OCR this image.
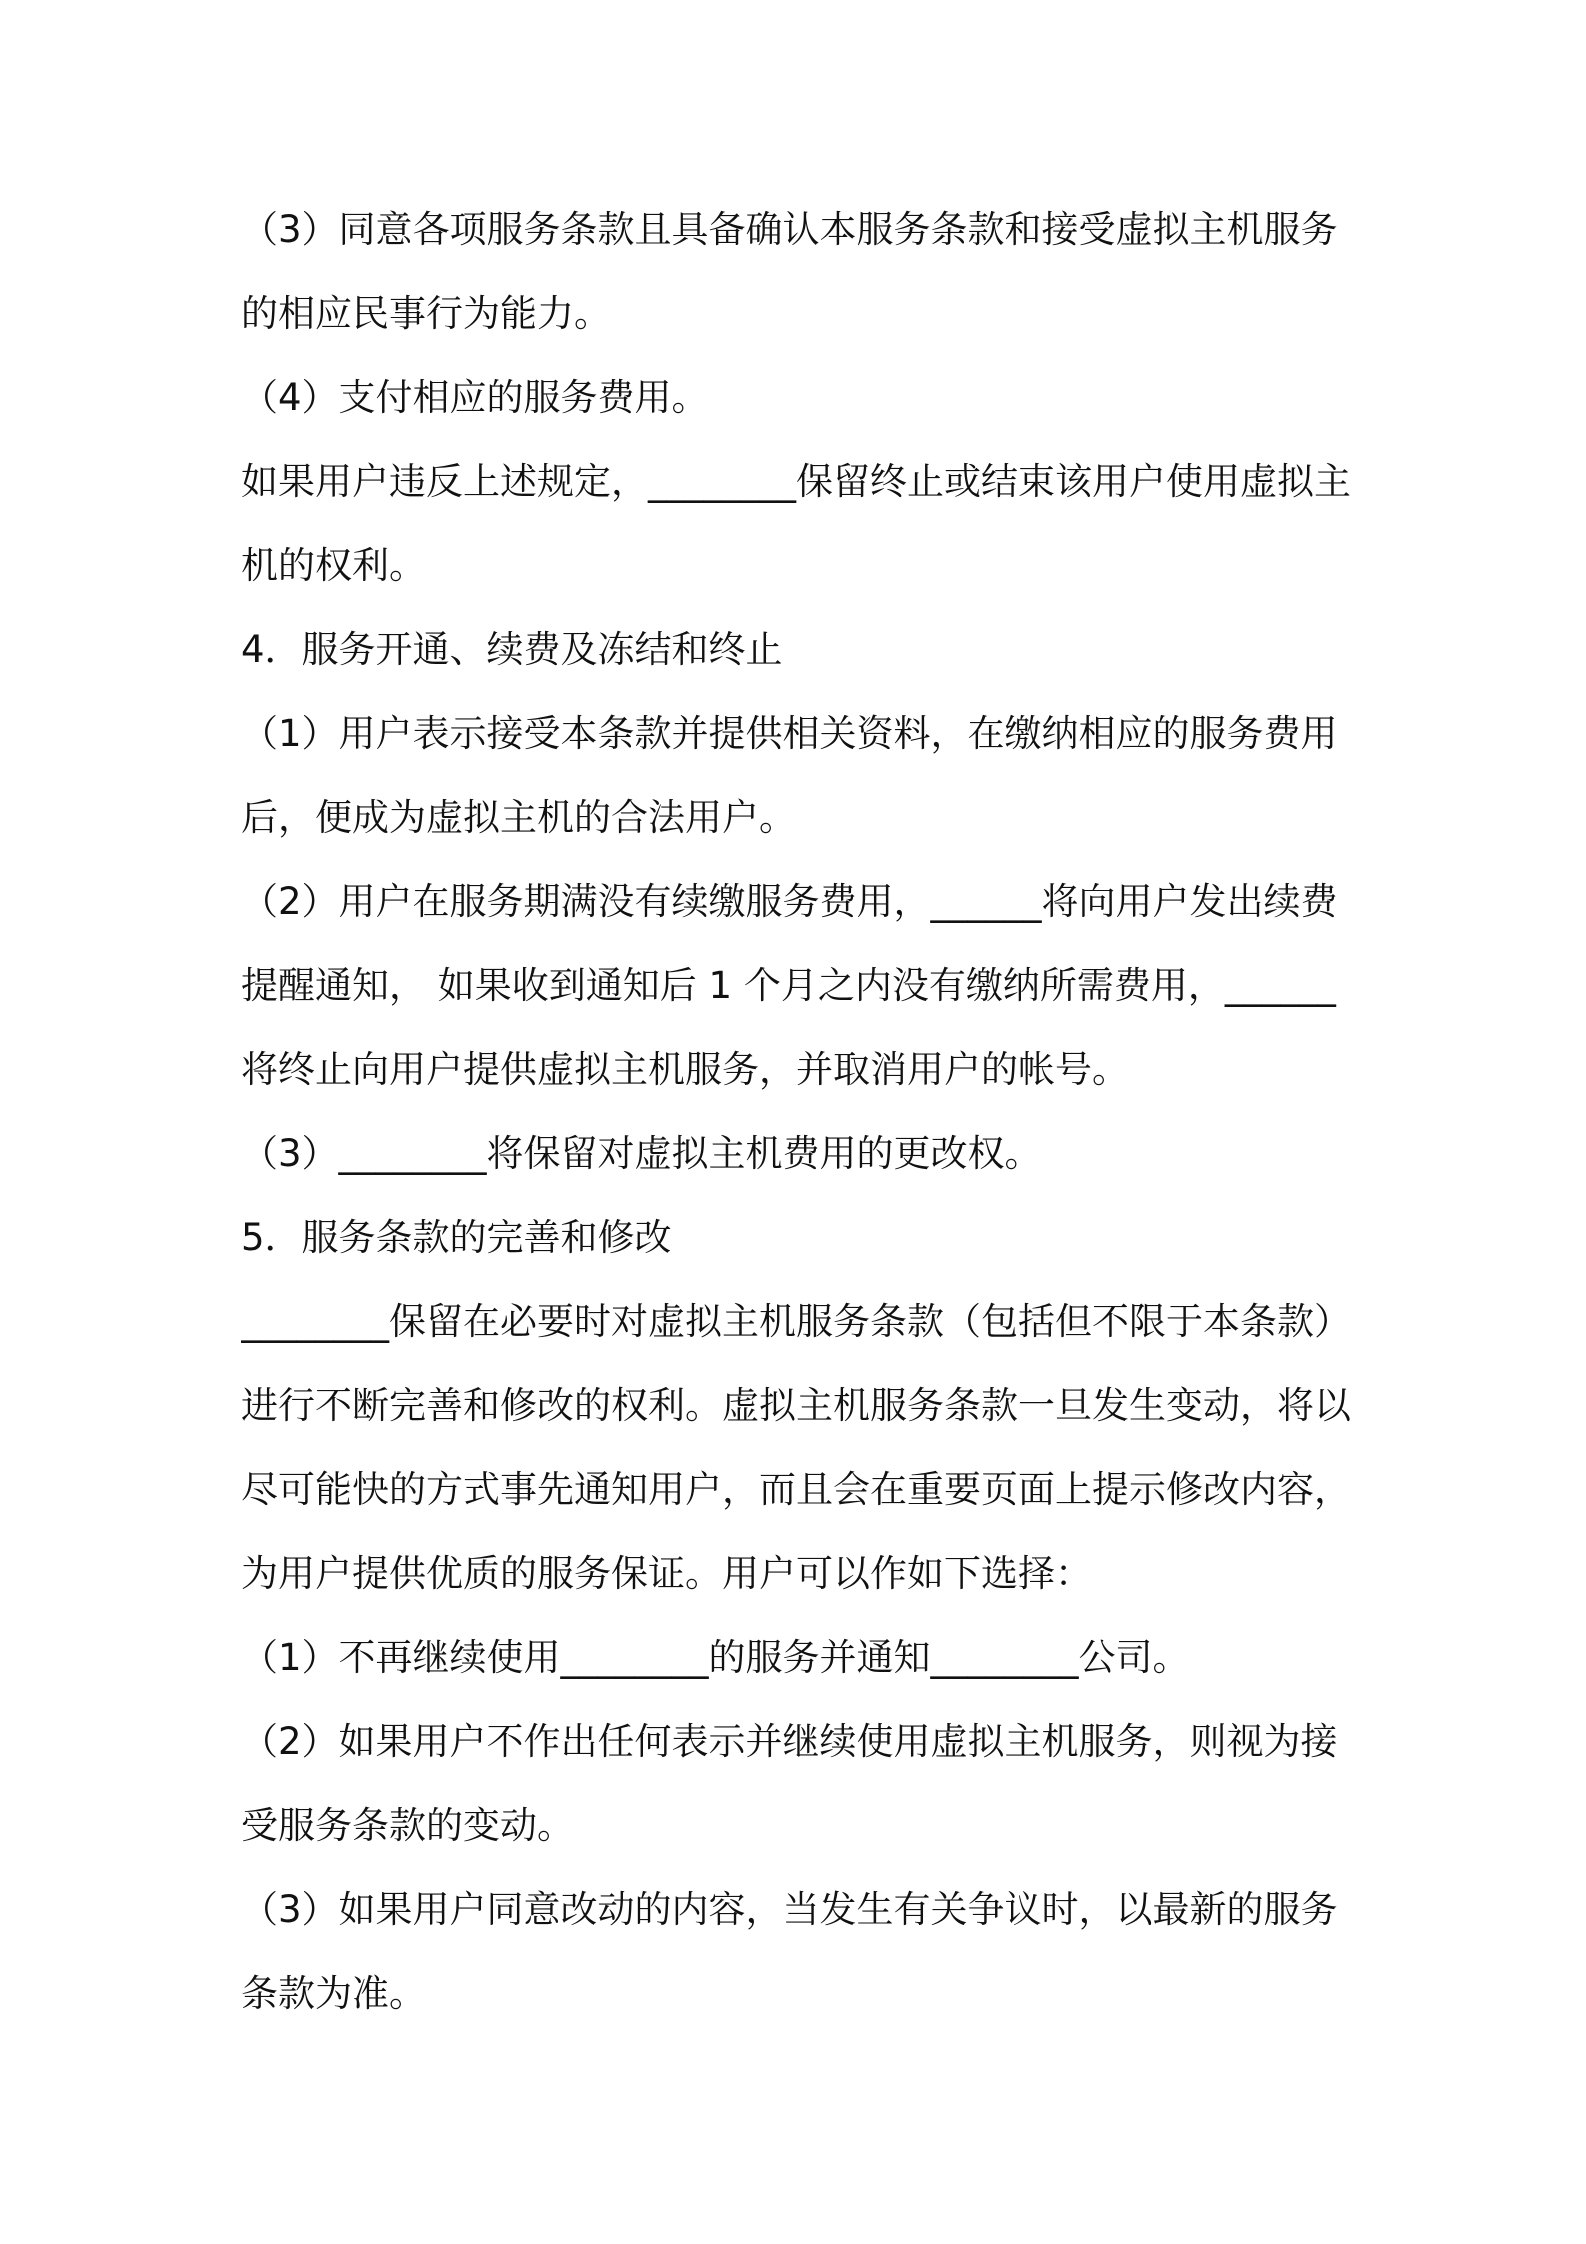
（3）同意各项服务条款且具备确认本服务条款和接受虚拟主机服务
的相应民事行为能力。
（4）支付相应的服务费用。
如果用户违反上述规定，________保留终止或结束该用户使用虚拟主
机的权利。
4．服务开通、续费及冻结和终止
（1）用户表示接受本条款并提供相关资料，在缴纳相应的服务费用
后，便成为虚拟主机的合法用户。
（2）用户在服务期满没有续缴服务费用，______将向用户发出续费
提醒通知， 如果收到通知后 1 个月之内没有缴纳所需费用，______
将终止向用户提供虚拟主机服务，并取消用户的帐号。
（3）________将保留对虚拟主机费用的更改权。
5．服务条款的完善和修改
________保留在必要时对虚拟主机服务条款（包括但不限于本条款）
进行不断完善和修改的权利。虚拟主机服务条款一旦发生变动，将以
尽可能快的方式事先通知用户，而且会在重要页面上提示修改内容，
为用户提供优质的服务保证。用户可以作如下选择：
（1）不再继续使用________的服务并通知________公司。
（2）如果用户不作出任何表示并继续使用虚拟主机服务，则视为接
受服务条款的变动。
（3）如果用户同意改动的内容，当发生有关争议时，以最新的服务
条款为准。
